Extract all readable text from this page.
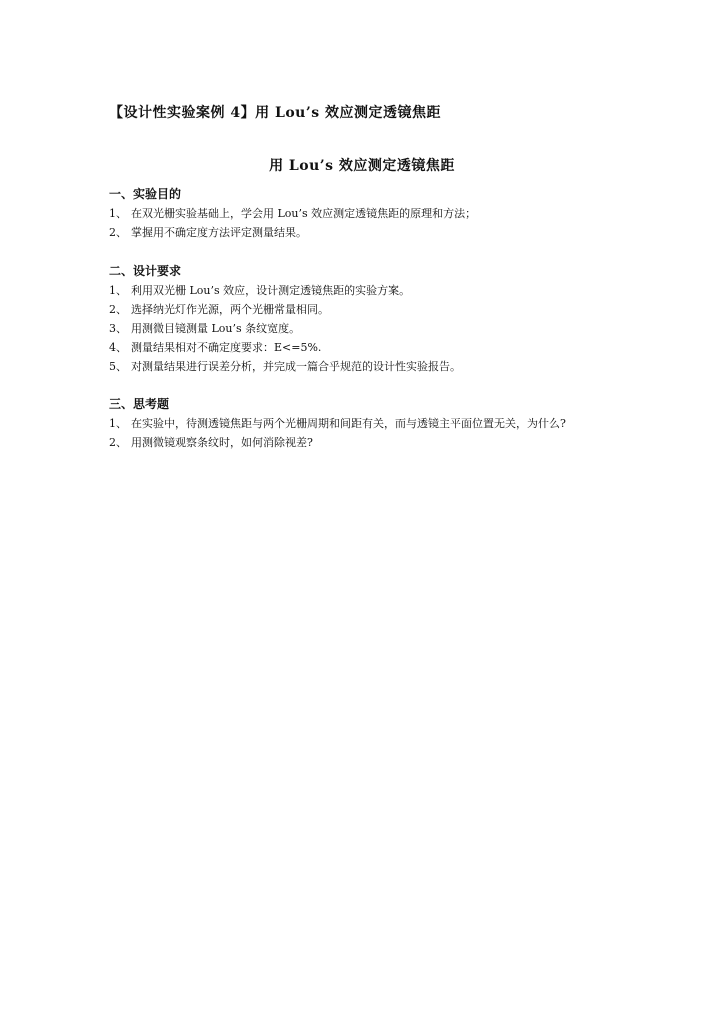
【设计性实验案例 4】用 Lou’s 效应测定透镜焦距
用 Lou’s 效应测定透镜焦距
一、实验目的
1、 在双光栅实验基础上，学会用 Lou’s 效应测定透镜焦距的原理和方法；
2、 掌握用不确定度方法评定测量结果。
二、设计要求
1、 利用双光栅 Lou’s 效应，设计测定透镜焦距的实验方案。
2、 选择纳光灯作光源，两个光栅常量相同。
3、 用测微目镜测量 Lou’s 条纹宽度。
4、 测量结果相对不确定度要求：E<=5%.
5、 对测量结果进行误差分析，并完成一篇合乎规范的设计性实验报告。
三、思考题
1、 在实验中，待测透镜焦距与两个光栅周期和间距有关，而与透镜主平面位置无关，为什么?
2、 用测微镜观察条纹时，如何消除视差?
